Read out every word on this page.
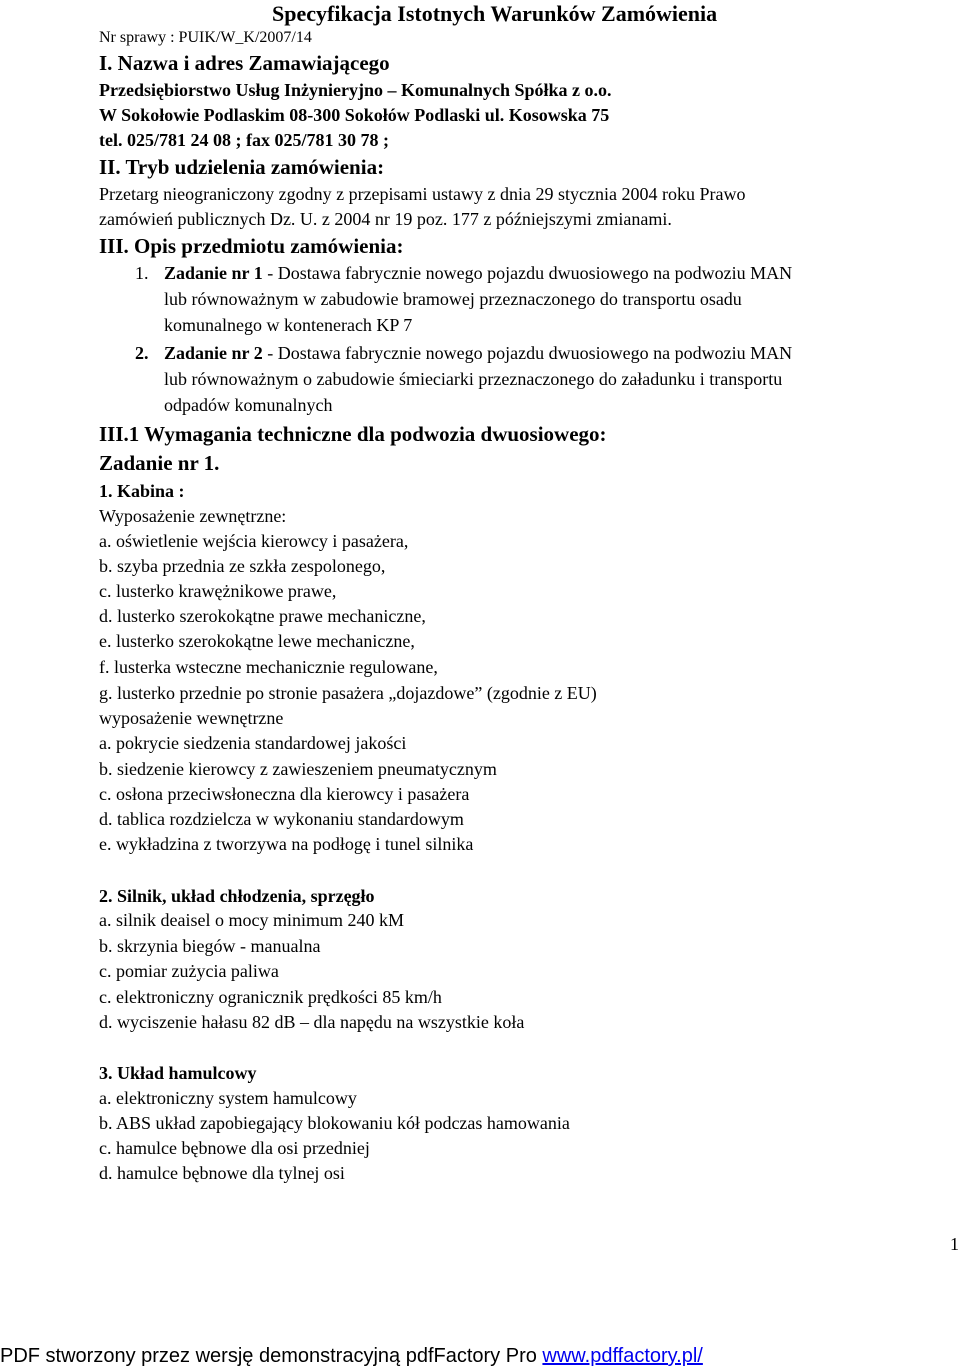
Specyfikacja Istotnych Warunków Zamówienia
Nr sprawy : PUIK/W_K/2007/14
I. Nazwa i adres Zamawiającego
Przedsiębiorstwo Usług Inżynieryjno – Komunalnych Spółka z o.o.
W Sokołowie Podlaskim 08-300 Sokołów Podlaski ul. Kosowska 75
tel. 025/781 24 08 ; fax 025/781 30 78 ;
II. Tryb udzielenia zamówienia:
Przetarg nieograniczony zgodny z przepisami ustawy z dnia 29 stycznia 2004 roku Prawo
zamówień publicznych Dz. U. z 2004 nr 19 poz. 177 z późniejszymi zmianami.
III. Opis przedmiotu zamówienia:
1. Zadanie nr 1 - Dostawa fabrycznie nowego pojazdu dwuosiowego na podwoziu MAN
lub równoważnym w zabudowie bramowej przeznaczonego do transportu osadu
komunalnego w kontenerach KP 7
2. Zadanie nr 2 - Dostawa fabrycznie nowego pojazdu dwuosiowego na podwoziu MAN
lub równoważnym o zabudowie śmieciarki przeznaczonego do załadunku i transportu
odpadów komunalnych
III.1 Wymagania techniczne dla podwozia dwuosiowego:
Zadanie nr 1.
1. Kabina :
Wyposażenie zewnętrzne:
a. oświetlenie wejścia kierowcy i pasażera,
b. szyba przednia ze szkła zespolonego,
c. lusterko krawężnikowe prawe,
d. lusterko szerokokątne prawe mechaniczne,
e. lusterko szerokokątne lewe mechaniczne,
f. lusterka wsteczne mechanicznie regulowane,
g. lusterko przednie po stronie pasażera „dojazdowe” (zgodnie z EU)
wyposażenie wewnętrzne
a. pokrycie siedzenia standardowej jakości
b. siedzenie kierowcy z zawieszeniem pneumatycznym
c. osłona przeciwsłoneczna dla kierowcy i pasażera
d. tablica rozdzielcza w wykonaniu standardowym
e. wykładzina z tworzywa na podłogę i tunel silnika
2. Silnik, układ chłodzenia, sprzęgło
a. silnik deaisel o mocy minimum 240 kM
b. skrzynia biegów - manualna
c. pomiar zużycia paliwa
c. elektroniczny ogranicznik prędkości 85 km/h
d. wyciszenie hałasu 82 dB – dla napędu na wszystkie koła
3. Układ hamulcowy
a. elektroniczny system hamulcowy
b. ABS układ zapobiegający blokowaniu kół podczas hamowania
c. hamulce bębnowe dla osi przedniej
d. hamulce bębnowe dla tylnej osi
1
PDF stworzony przez wersję demonstracyjną pdfFactory Pro www.pdffactory.pl/
